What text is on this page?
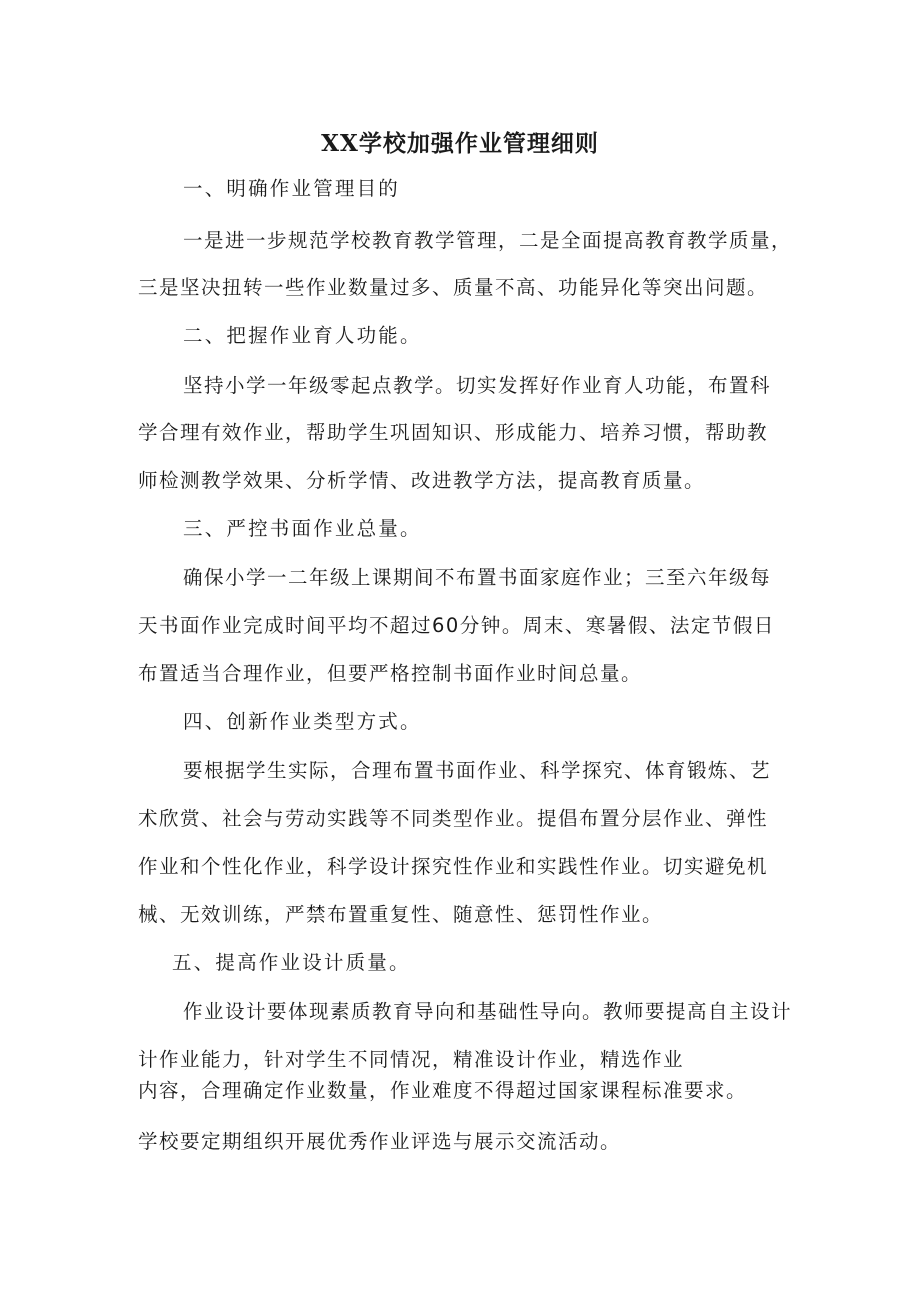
XX学校加强作业管理细则
一、明确作业管理目的
一是进一步规范学校教育教学管理，二是全面提高教育教学质量，
三是坚决扭转一些作业数量过多、质量不高、功能异化等突出问题。
二、把握作业育人功能。
坚持小学一年级零起点教学。切实发挥好作业育人功能，布置科
学合理有效作业，帮助学生巩固知识、形成能力、培养习惯，帮助教
师检测教学效果、分析学情、改进教学方法，提高教育质量。
三、严控书面作业总量。
确保小学一二年级上课期间不布置书面家庭作业；三至六年级每
天书面作业完成时间平均不超过60分钟。周末、寒暑假、法定节假日
布置适当合理作业，但要严格控制书面作业时间总量。
四、创新作业类型方式。
要根据学生实际，合理布置书面作业、科学探究、体育锻炼、艺
术欣赏、社会与劳动实践等不同类型作业。提倡布置分层作业、弹性
作业和个性化作业，科学设计探究性作业和实践性作业。切实避免机
械、无效训练，严禁布置重复性、随意性、惩罚性作业。
五、提高作业设计质量。
作业设计要体现素质教育导向和基础性导向。教师要提高自主设计
计作业能力，针对学生不同情况，精准设计作业，精选作业
内容，合理确定作业数量，作业难度不得超过国家课程标准要求。
学校要定期组织开展优秀作业评选与展示交流活动。
